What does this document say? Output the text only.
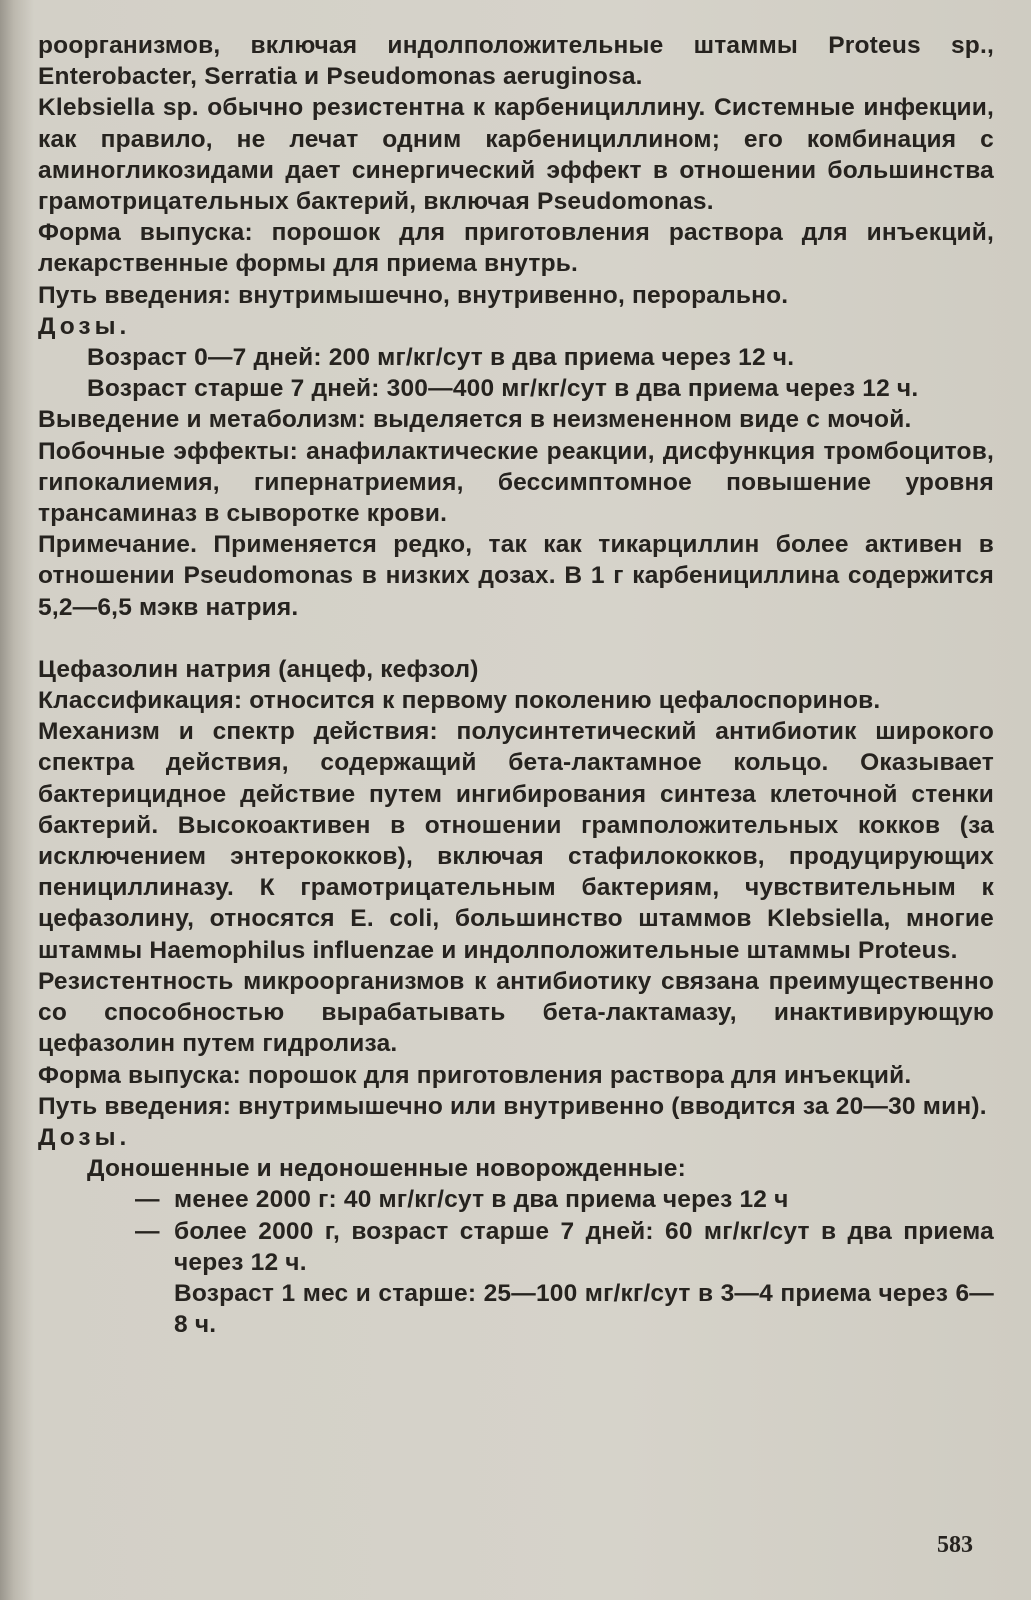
роорганизмов, включая индолположительные штаммы Proteus sp., Enterobacter, Serratia и Pseudomonas aeruginosa.

Klebsiella sp. обычно резистентна к карбенициллину. Системные инфекции, как правило, не лечат одним карбенициллином; его комбинация с аминогликозидами дает синергический эффект в отношении большинства грамотрицательных бактерий, включая Pseudomonas.

Форма выпуска: порошок для приготовления раствора для инъекций, лекарственные формы для приема внутрь.

Путь введения: внутримышечно, внутривенно, перорально.

Дозы.

Возраст 0—7 дней: 200 мг/кг/сут в два приема через 12 ч.

Возраст старше 7 дней: 300—400 мг/кг/сут в два приема через 12 ч.

Выведение и метаболизм: выделяется в неизмененном виде с мочой.

Побочные эффекты: анафилактические реакции, дисфункция тромбоцитов, гипокалиемия, гипернатриемия, бессимптомное повышение уровня трансаминаз в сыворотке крови.

Примечание. Применяется редко, так как тикарциллин более активен в отношении Pseudomonas в низких дозах. В 1 г карбенициллина содержится 5,2—6,5 мэкв натрия.

Цефазолин натрия (анцеф, кефзол)

Классификация: относится к первому поколению цефалоспоринов.

Механизм и спектр действия: полусинтетический антибиотик широкого спектра действия, содержащий бета-лактамное кольцо. Оказывает бактерицидное действие путем ингибирования синтеза клеточной стенки бактерий. Высокоактивен в отношении грамположительных кокков (за исключением энтерококков), включая стафилококков, продуцирующих пенициллиназу. К грамотрицательным бактериям, чувствительным к цефазолину, относятся E. coli, большинство штаммов Klebsiella, многие штаммы Haemophilus influenzae и индолположительные штаммы Proteus.

Резистентность микроорганизмов к антибиотику связана преимущественно со способностью вырабатывать бета-лактамазу, инактивирующую цефазолин путем гидролиза.

Форма выпуска: порошок для приготовления раствора для инъекций.

Путь введения: внутримышечно или внутривенно (вводится за 20—30 мин).

Дозы.

Доношенные и недоношенные новорожденные:

— менее 2000 г: 40 мг/кг/сут в два приема через 12 ч

— более 2000 г, возраст старше 7 дней: 60 мг/кг/сут в два приема через 12 ч.

Возраст 1 мес и старше: 25—100 мг/кг/сут в 3—4 приема через 6—8 ч.

583
